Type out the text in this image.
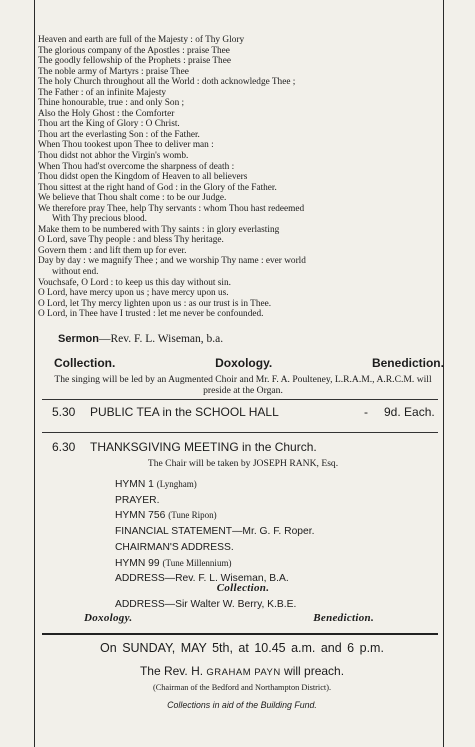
Heaven and earth are full of the Majesty : of Thy Glory
The glorious company of the Apostles : praise Thee
The goodly fellowship of the Prophets : praise Thee
The noble army of Martyrs : praise Thee
The holy Church throughout all the World : doth acknowledge Thee ;
The Father : of an infinite Majesty
Thine honourable, true : and only Son ;
Also the Holy Ghost : the Comforter
Thou art the King of Glory : O Christ.
Thou art the everlasting Son : of the Father.
When Thou tookest upon Thee to deliver man :
Thou didst not abhor the Virgin's womb.
When Thou had'st overcome the sharpness of death :
Thou didst open the Kingdom of Heaven to all believers
Thou sittest at the right hand of God : in the Glory of the Father.
We believe that Thou shalt come : to be our Judge.
We therefore pray Thee, help Thy servants : whom Thou hast redeemed
With Thy precious blood.
Make them to be numbered with Thy saints : in glory everlasting
O Lord, save Thy people : and bless Thy heritage.
Govern them : and lift them up for ever.
Day by day : we magnify Thee ; and we worship Thy name : ever world
without end.
Vouchsafe, O Lord : to keep us this day without sin.
O Lord, have mercy upon us ; have mercy upon us.
O Lord, let Thy mercy lighten upon us : as our trust is in Thee.
O Lord, in Thee have I trusted : let me never be confounded.
Sermon—Rev. F. L. Wiseman, b.a.
Collection.	Doxology.	Benediction.
The singing will be led by an Augmented Choir and Mr. F. A. Poulteney, L.R.A.M., A.R.C.M. will preside at the Organ.
5.30 PUBLIC TEA in the SCHOOL HALL	- 9d. Each.
6.30 THANKSGIVING MEETING in the Church.
The Chair will be taken by JOSEPH RANK, Esq.
HYMN 1 (Lyngham)
PRAYER.
HYMN 756 (Tune Ripon)
FINANCIAL STATEMENT—Mr. G. F. Roper.
CHAIRMAN'S ADDRESS.
HYMN 99 (Tune Millennium)
ADDRESS—Rev. F. L. Wiseman, B.A.
Collection.
ADDRESS—Sir Walter W. Berry, K.B.E.
Doxology.	Benediction.
On SUNDAY, MAY 5th, at 10.45 a.m. and 6 p.m.
The Rev. H. GRAHAM PAYN will preach.
(Chairman of the Bedford and Northampton District).
Collections in aid of the Building Fund.
